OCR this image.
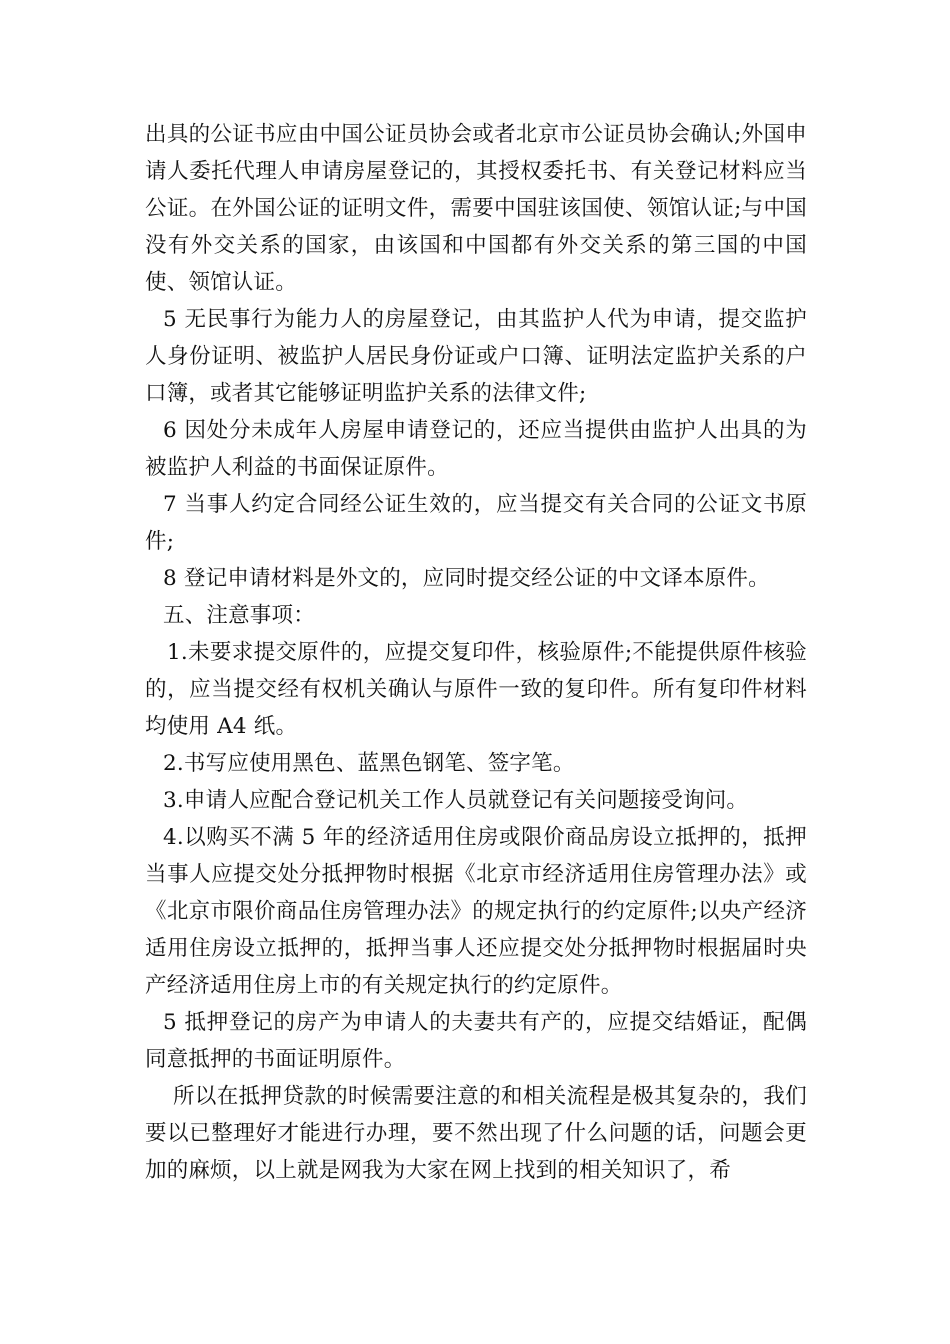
出具的公证书应由中国公证员协会或者北京市公证员协会确认;外国申请人委托代理人申请房屋登记的，其授权委托书、有关登记材料应当公证。在外国公证的证明文件，需要中国驻该国使、领馆认证;与中国没有外交关系的国家，由该国和中国都有外交关系的第三国的中国使、领馆认证。

5 无民事行为能力人的房屋登记，由其监护人代为申请，提交监护人身份证明、被监护人居民身份证或户口簿、证明法定监护关系的户口簿，或者其它能够证明监护关系的法律文件;

6 因处分未成年人房屋申请登记的，还应当提供由监护人出具的为被监护人利益的书面保证原件。

7 当事人约定合同经公证生效的，应当提交有关合同的公证文书原件;

8 登记申请材料是外文的，应同时提交经公证的中文译本原件。

五、注意事项：

1.未要求提交原件的，应提交复印件，核验原件;不能提供原件核验的，应当提交经有权机关确认与原件一致的复印件。所有复印件材料均使用 A4 纸。

2.书写应使用黑色、蓝黑色钢笔、签字笔。

3.申请人应配合登记机关工作人员就登记有关问题接受询问。

4.以购买不满 5 年的经济适用住房或限价商品房设立抵押的，抵押当事人应提交处分抵押物时根据《北京市经济适用住房管理办法》或《北京市限价商品住房管理办法》的规定执行的约定原件;以央产经济适用住房设立抵押的，抵押当事人还应提交处分抵押物时根据届时央产经济适用住房上市的有关规定执行的约定原件。

5 抵押登记的房产为申请人的夫妻共有产的，应提交结婚证，配偶同意抵押的书面证明原件。

所以在抵押贷款的时候需要注意的和相关流程是极其复杂的，我们要以已整理好才能进行办理，要不然出现了什么问题的话，问题会更加的麻烦，以上就是网我为大家在网上找到的相关知识了，希
